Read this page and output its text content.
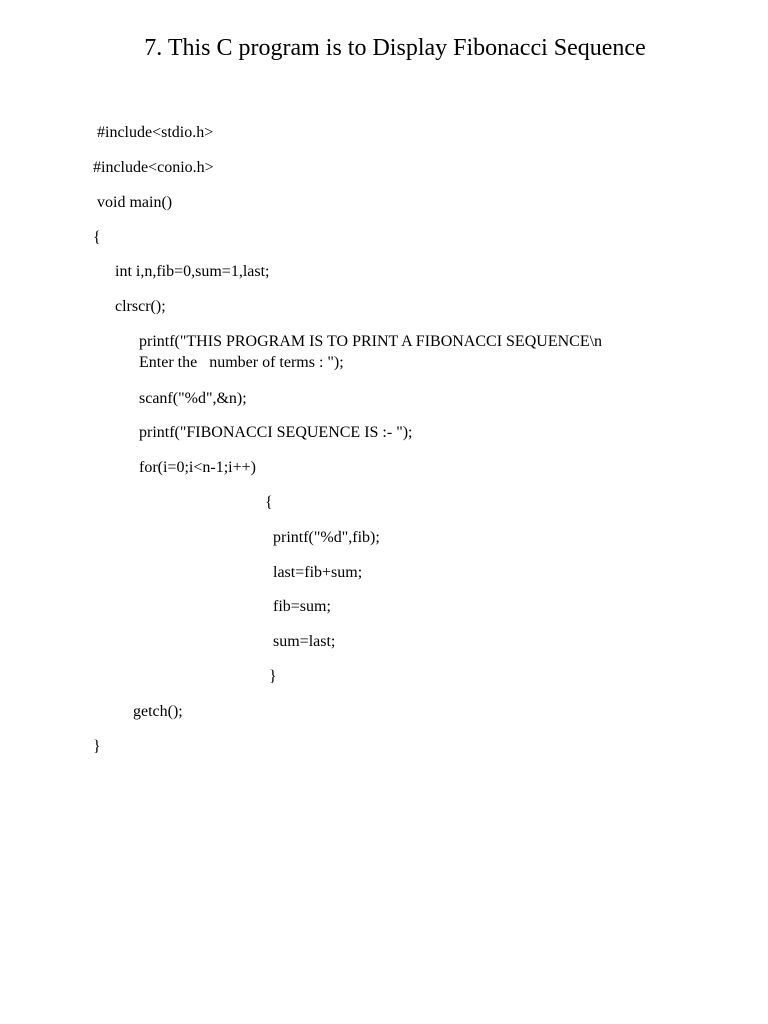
7. This C program is to Display Fibonacci Sequence
#include<stdio.h>
#include<conio.h>
void main()
{
int i,n,fib=0,sum=1,last;
clrscr();
printf("THIS PROGRAM IS TO PRINT A FIBONACCI SEQUENCE\n
Enter the   number of terms : ");
scanf("%d",&n);
printf("FIBONACCI SEQUENCE IS :- ");
for(i=0;i<n-1;i++)
{
printf("%d",fib);
last=fib+sum;
fib=sum;
sum=last;
}
getch();
}
